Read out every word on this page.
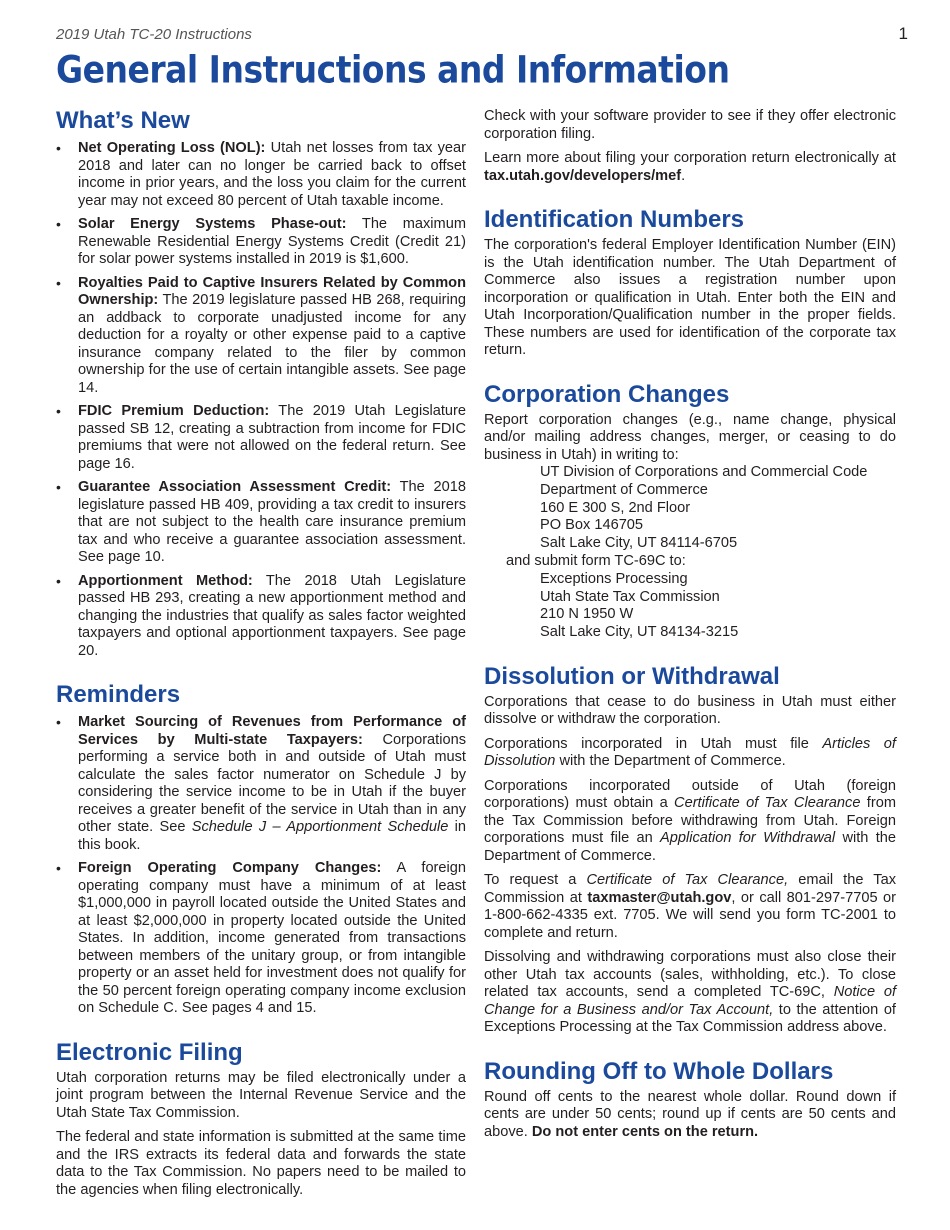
2019 Utah TC-20 Instructions	1
General Instructions and Information
What’s New
• Net Operating Loss (NOL): Utah net losses from tax year 2018 and later can no longer be carried back to offset income in prior years, and the loss you claim for the current year may not exceed 80 percent of Utah taxable income.
• Solar Energy Systems Phase-out: The maximum Renewable Residential Energy Systems Credit (Credit 21) for solar power systems installed in 2019 is $1,600.
• Royalties Paid to Captive Insurers Related by Common Ownership: The 2019 legislature passed HB 268, requiring an addback to corporate unadjusted income for any deduction for a royalty or other expense paid to a captive insurance company related to the filer by common ownership for the use of certain intangible assets. See page 14.
• FDIC Premium Deduction: The 2019 Utah Legislature passed SB 12, creating a subtraction from income for FDIC premiums that were not allowed on the federal return. See page 16.
• Guarantee Association Assessment Credit: The 2018 legislature passed HB 409, providing a tax credit to insurers that are not subject to the health care insurance premium tax and who receive a guarantee association assessment. See page 10.
• Apportionment Method: The 2018 Utah Legislature passed HB 293, creating a new apportionment method and changing the industries that qualify as sales factor weighted taxpayers and optional apportionment taxpayers. See page 20.
Reminders
• Market Sourcing of Revenues from Performance of Services by Multi-state Taxpayers: Corporations performing a service both in and outside of Utah must calculate the sales factor numerator on Schedule J by considering the service income to be in Utah if the buyer receives a greater benefit of the service in Utah than in any other state. See Schedule J – Apportionment Schedule in this book.
• Foreign Operating Company Changes: A foreign operating company must have a minimum of at least $1,000,000 in payroll located outside the United States and at least $2,000,000 in property located outside the United States. In addition, income generated from transactions between members of the unitary group, or from intangible property or an asset held for investment does not qualify for the 50 percent foreign operating company income exclusion on Schedule C. See pages 4 and 15.
Electronic Filing

Utah corporation returns may be filed electronically under a joint program between the Internal Revenue Service and the Utah State Tax Commission.

The federal and state information is submitted at the same time and the IRS extracts its federal data and forwards the state data to the Tax Commission. No papers need to be mailed to the agencies when filing electronically.

Check with your software provider to see if they offer electronic corporation filing.

Learn more about filing your corporation return electronically at tax.utah.gov/developers/mef.

Identification Numbers

The corporation's federal Employer Identification Number (EIN) is the Utah identification number. The Utah Department of Commerce also issues a registration number upon incorporation or qualification in Utah. Enter both the EIN and Utah Incorporation/Qualification number in the proper fields. These numbers are used for identification of the corporate tax return.

Corporation Changes

Report corporation changes (e.g., name change, physical and/or mailing address changes, merger, or ceasing to do business in Utah) in writing to:

UT Division of Corporations and Commercial Code
Department of Commerce
160 E 300 S, 2nd Floor
PO Box 146705
Salt Lake City, UT 84114-6705
and submit form TC-69C to:
Exceptions Processing
Utah State Tax Commission
210 N 1950 W
Salt Lake City, UT 84134-3215
Dissolution or Withdrawal

Corporations that cease to do business in Utah must either dissolve or withdraw the corporation.

Corporations incorporated in Utah must file Articles of Dissolution with the Department of Commerce.

Corporations incorporated outside of Utah (foreign corporations) must obtain a Certificate of Tax Clearance from the Tax Commission before withdrawing from Utah. Foreign corporations must file an Application for Withdrawal with the Department of Commerce.

To request a Certificate of Tax Clearance, email the Tax Commission at taxmaster@utah.gov, or call 801-297-7705 or 1-800-662-4335 ext. 7705. We will send you form TC-2001 to complete and return.

Dissolving and withdrawing corporations must also close their other Utah tax accounts (sales, withholding, etc.). To close related tax accounts, send a completed TC-69C, Notice of Change for a Business and/or Tax Account, to the attention of Exceptions Processing at the Tax Commission address above.

Rounding Off to Whole Dollars

Round off cents to the nearest whole dollar. Round down if cents are under 50 cents; round up if cents are 50 cents and above. Do not enter cents on the return.
